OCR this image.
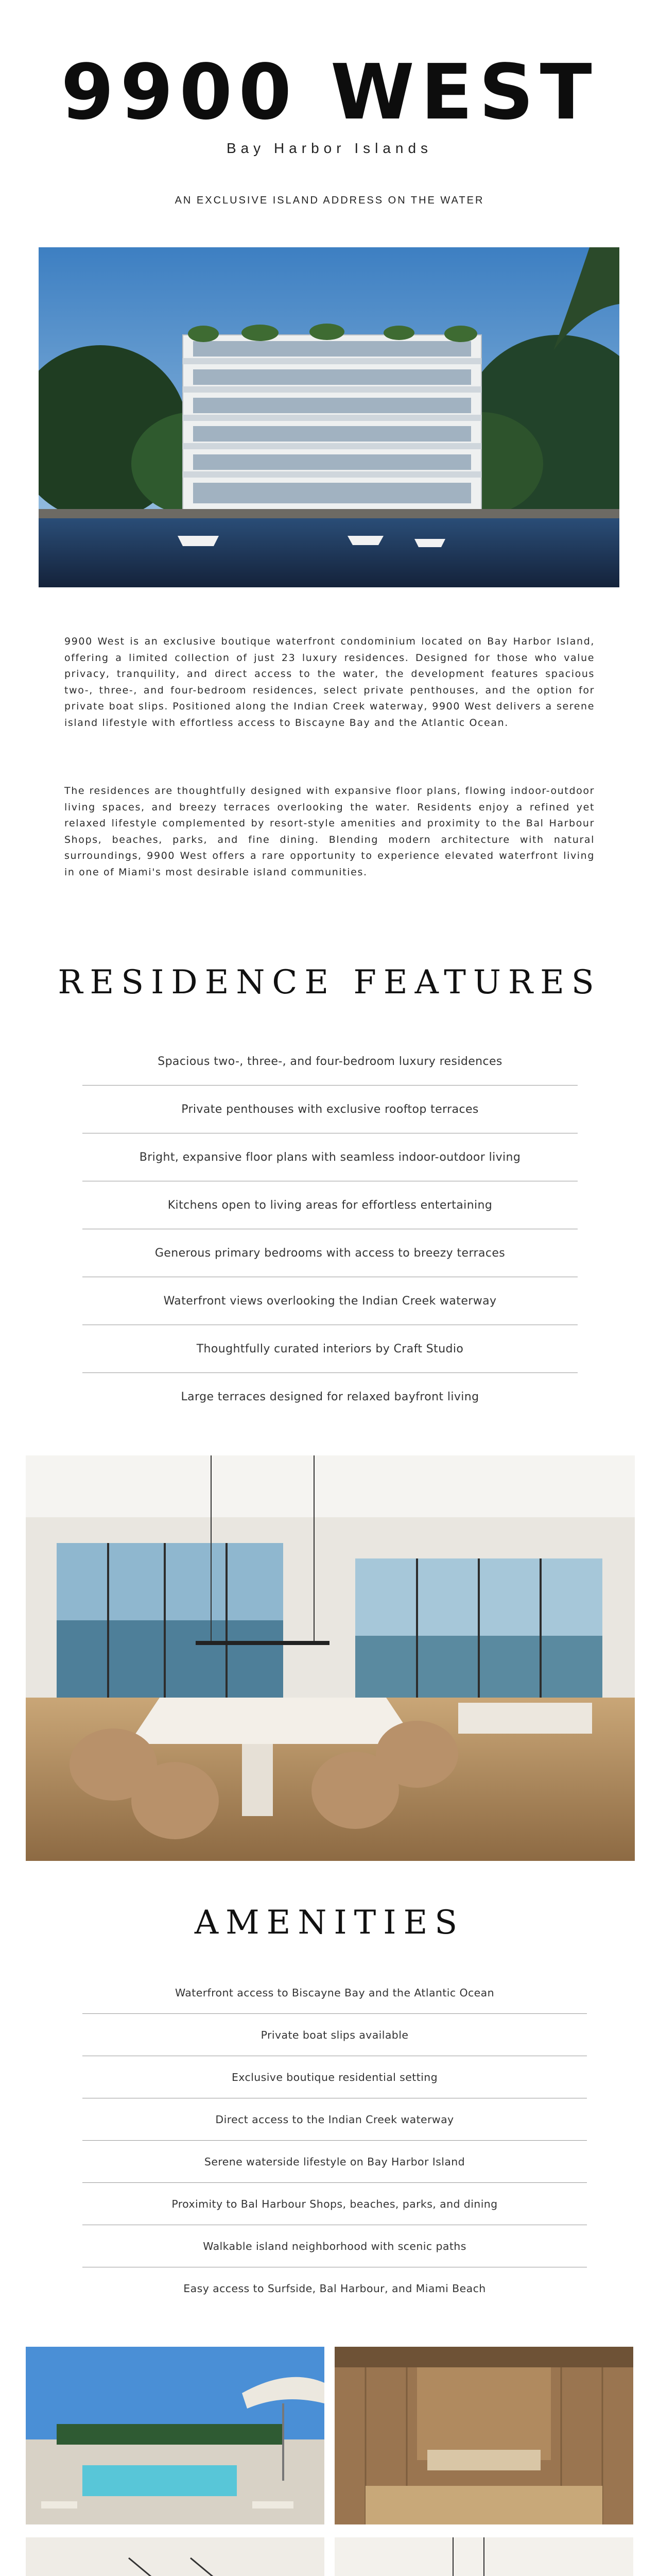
9900 WEST
Bay Harbor Islands
AN EXCLUSIVE ISLAND ADDRESS ON THE WATER

9900 West is an exclusive boutique waterfront condominium located on Bay Harbor Island, offering a limited collection of just 23 luxury residences. Designed for those who value privacy, tranquility, and direct access to the water, the development features spacious two-, three-, and four-bedroom residences, select private penthouses, and the option for private boat slips. Positioned along the Indian Creek waterway, 9900 West delivers a serene island lifestyle with effortless access to Biscayne Bay and the Atlantic Ocean.

The residences are thoughtfully designed with expansive floor plans, flowing indoor-outdoor living spaces, and breezy terraces overlooking the water. Residents enjoy a refined yet relaxed lifestyle complemented by resort-style amenities and proximity to the Bal Harbour Shops, beaches, parks, and fine dining. Blending modern architecture with natural surroundings, 9900 West offers a rare opportunity to experience elevated waterfront living in one of Miami's most desirable island communities.

RESIDENCE FEATURES
Spacious two-, three-, and four-bedroom luxury residences
Private penthouses with exclusive rooftop terraces
Bright, expansive floor plans with seamless indoor-outdoor living
Kitchens open to living areas for effortless entertaining
Generous primary bedrooms with access to breezy terraces
Waterfront views overlooking the Indian Creek waterway
Thoughtfully curated interiors by Craft Studio
Large terraces designed for relaxed bayfront living
AMENITIES
Waterfront access to Biscayne Bay and the Atlantic Ocean
Private boat slips available
Exclusive boutique residential setting
Direct access to the Indian Creek waterway
Serene waterside lifestyle on Bay Harbor Island
Proximity to Bal Harbour Shops, beaches, parks, and dining
Walkable island neighborhood with scenic paths
Easy access to Surfside, Bal Harbour, and Miami Beach
